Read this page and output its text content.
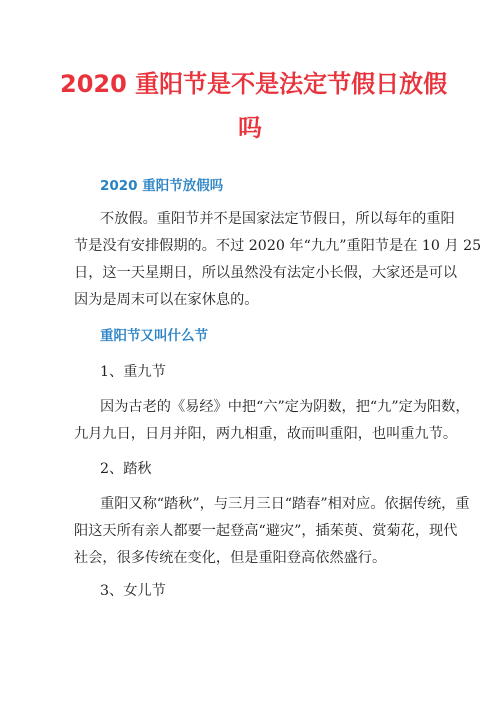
2020 重阳节是不是法定节假日放假
吗
2020 重阳节放假吗

不放假。重阳节并不是国家法定节假日，所以每年的重阳
节是没有安排假期的。不过 2020 年“九九”重阳节是在 10 月 25
日，这一天星期日，所以虽然没有法定小长假，大家还是可以
因为是周末可以在家休息的。

重阳节又叫什么节

1、重九节

因为古老的《易经》中把“六”定为阴数，把“九”定为阳数，
九月九日，日月并阳，两九相重，故而叫重阳，也叫重九节。

2、踏秋

重阳又称“踏秋”，与三月三日“踏春”相对应。依据传统，重
阳这天所有亲人都要一起登高“避灾”，插茱萸、赏菊花，现代
社会，很多传统在变化，但是重阳登高依然盛行。

3、女儿节
